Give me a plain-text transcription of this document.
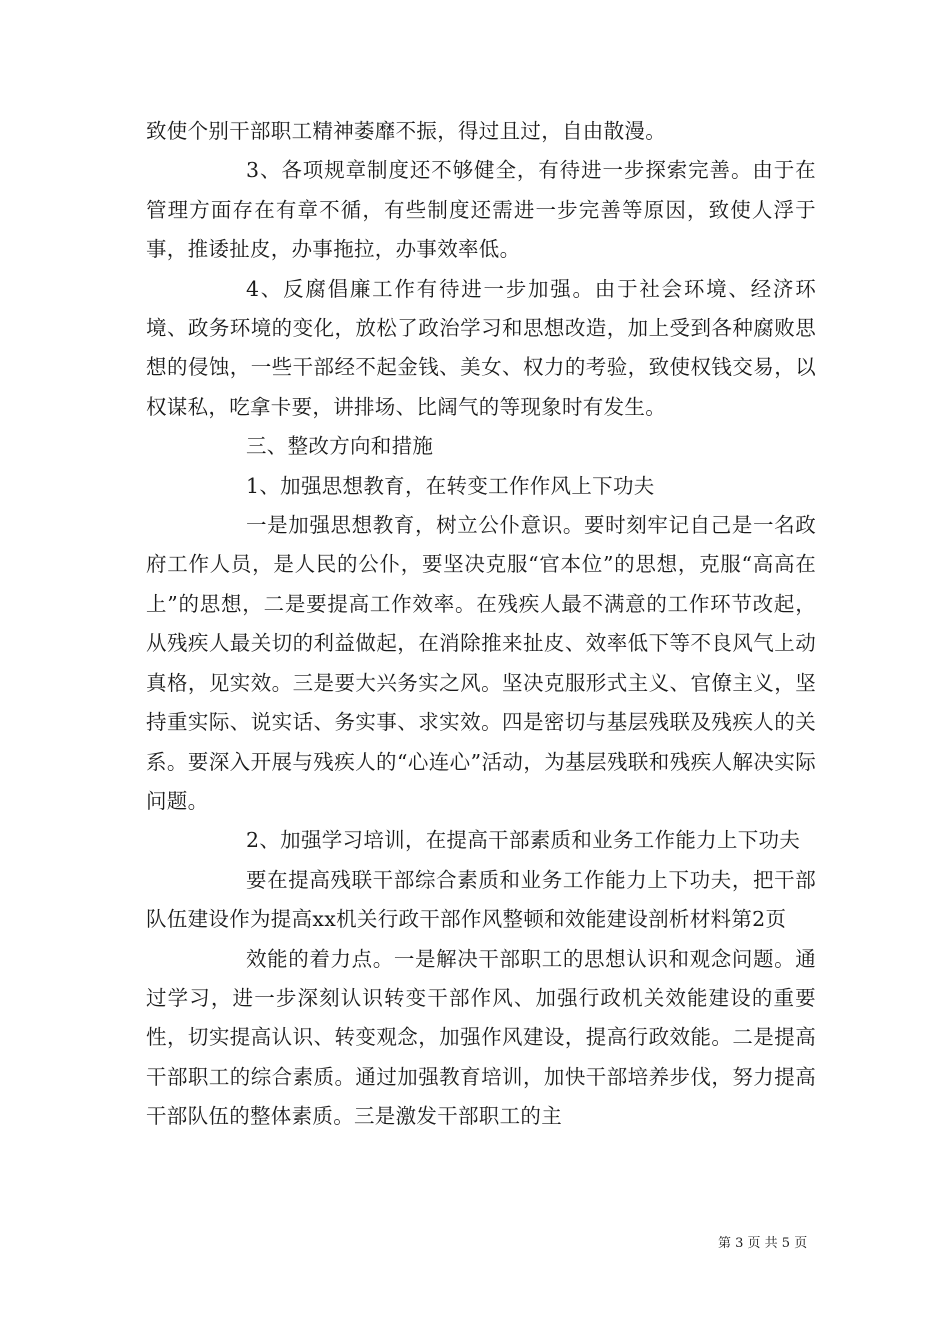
致使个别干部职工精神萎靡不振，得过且过，自由散漫。

3、各项规章制度还不够健全，有待进一步探索完善。由于在管理方面存在有章不循，有些制度还需进一步完善等原因，致使人浮于事，推诿扯皮，办事拖拉，办事效率低。

4、反腐倡廉工作有待进一步加强。由于社会环境、经济环境、政务环境的变化，放松了政治学习和思想改造，加上受到各种腐败思想的侵蚀，一些干部经不起金钱、美女、权力的考验，致使权钱交易，以权谋私，吃拿卡要，讲排场、比阔气的等现象时有发生。

三、整改方向和措施

1、加强思想教育，在转变工作作风上下功夫

一是加强思想教育，树立公仆意识。要时刻牢记自己是一名政府工作人员，是人民的公仆，要坚决克服“官本位”的思想，克服“高高在上”的思想，二是要提高工作效率。在残疾人最不满意的工作环节改起，从残疾人最关切的利益做起，在消除推来扯皮、效率低下等不良风气上动真格，见实效。三是要大兴务实之风。坚决克服形式主义、官僚主义，坚持重实际、说实话、务实事、求实效。四是密切与基层残联及残疾人的关系。要深入开展与残疾人的“心连心”活动，为基层残联和残疾人解决实际问题。

2、加强学习培训，在提高干部素质和业务工作能力上下功夫

要在提高残联干部综合素质和业务工作能力上下功夫，把干部队伍建设作为提高xx机关行政干部作风整顿和效能建设剖析材料第2页

效能的着力点。一是解决干部职工的思想认识和观念问题。通过学习，进一步深刻认识转变干部作风、加强行政机关效能建设的重要性，切实提高认识、转变观念，加强作风建设，提高行政效能。二是提高干部职工的综合素质。通过加强教育培训，加快干部培养步伐，努力提高干部队伍的整体素质。三是激发干部职工的主

第 3 页 共 5 页
